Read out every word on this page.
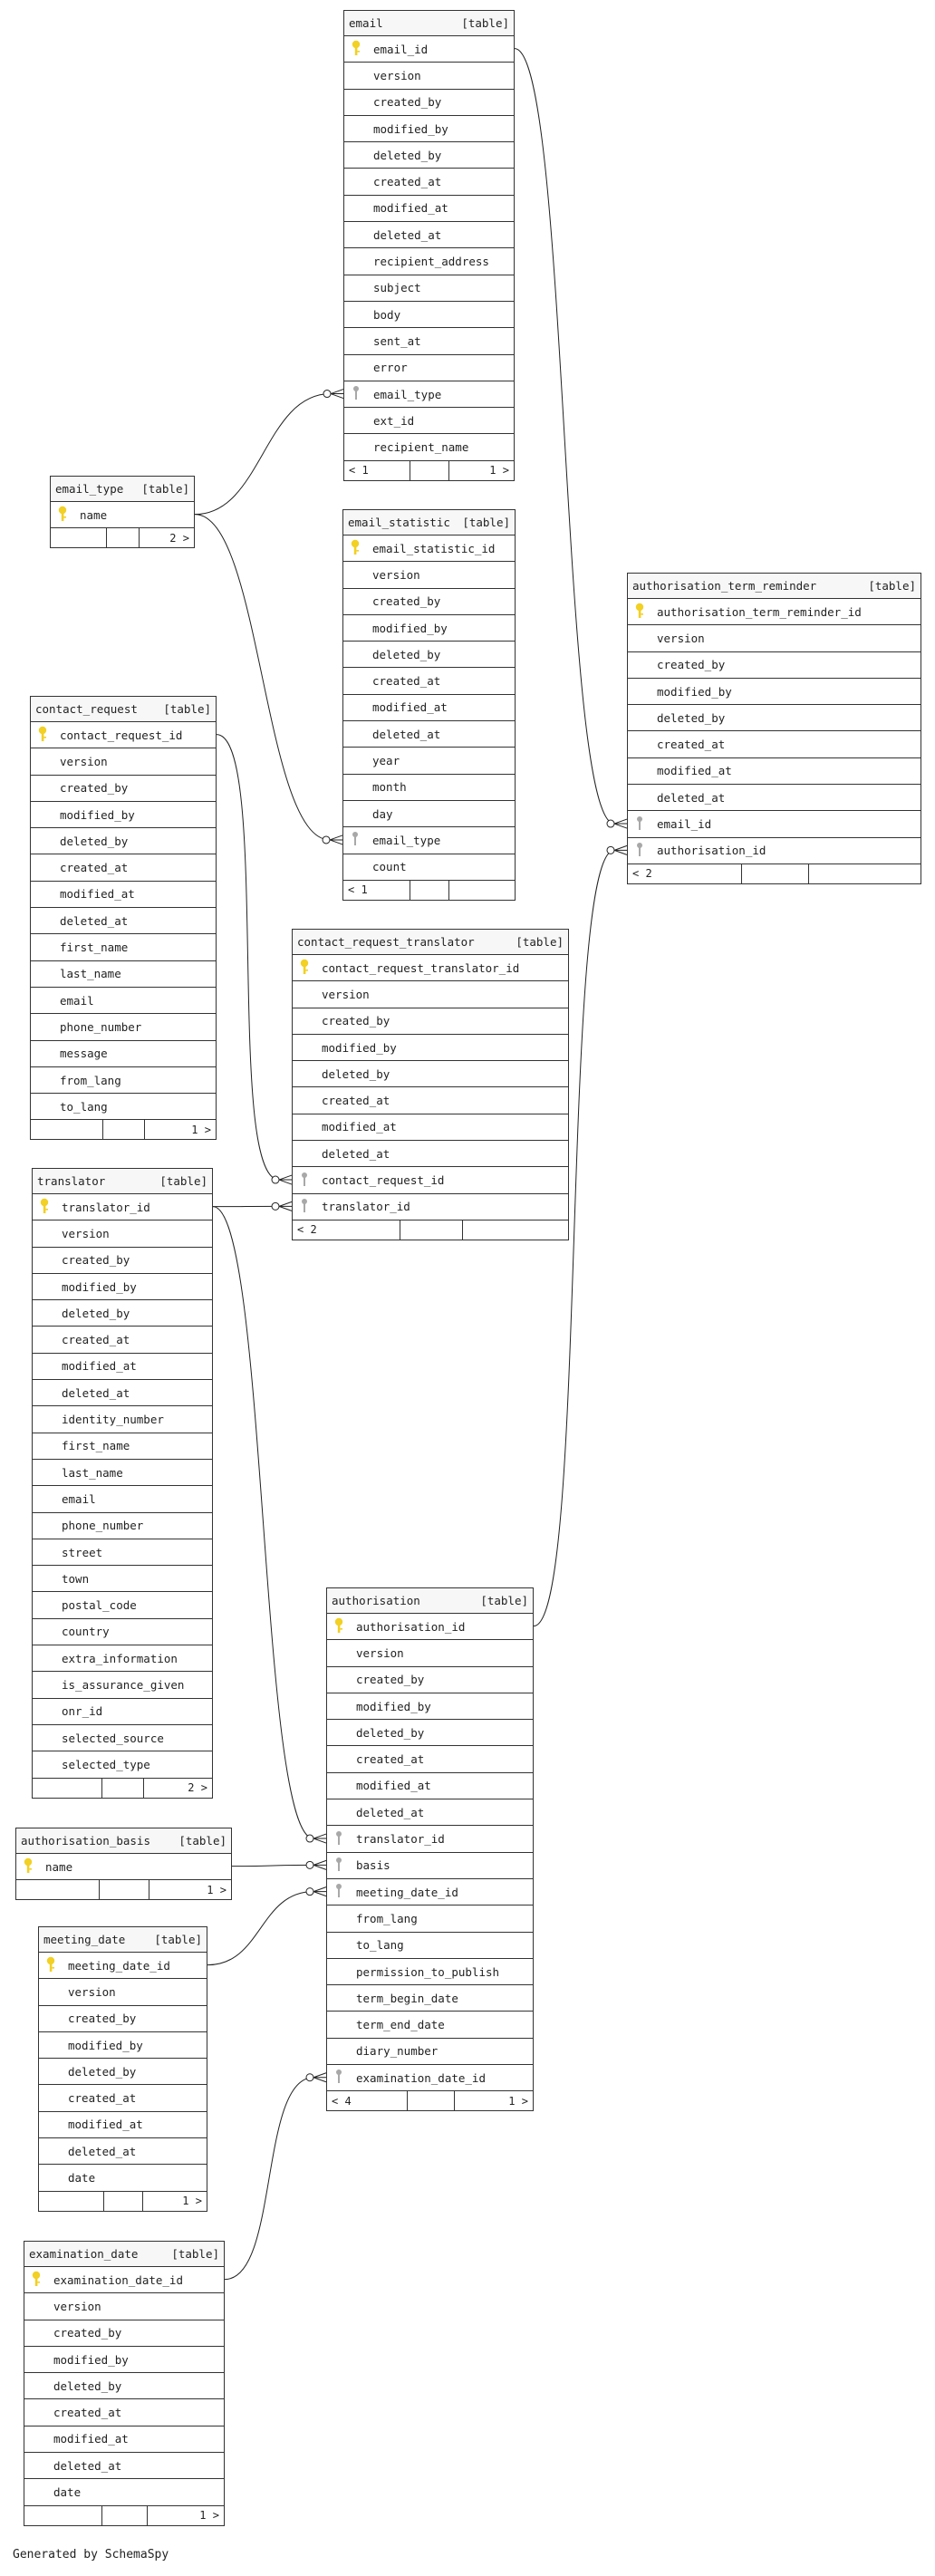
email	[table]
email_id
version
created_by
modified_by
deleted_by
created_at
modified_at
deleted_at
recipient_address
subject
body
sent_at
error
email_type
ext_id
recipient_name
< 1	1 >
email_type [table]
name
2 >
email_statistic [table]
email_statistic_id
version
created_by
modified_by
deleted_by
created_at
modified_at
deleted_at
year
month
day
email_type
count
< 1
authorisation_term_reminder	[table]
authorisation_term_reminder_id
version
created_by
modified_by
deleted_by
created_at
modified_at
deleted_at
email_id
authorisation_id
< 2
contact_request [table]
contact_request_id
version
created_by
modified_by
deleted_by
created_at
modified_at
deleted_at
first_name
last_name
email
phone_number
message
from_lang
to_lang
1 >
contact_request_translator	[table]
contact_request_translator_id
version
created_by
modified_by
deleted_by
created_at
modified_at
deleted_at
contact_request_id
translator_id
< 2
translator	[table]
translator_id
version
created_by
modified_by
deleted_by
created_at
modified_at
deleted_at
identity_number
first_name
last_name
email
phone_number
street
town
postal_code
country
extra_information
is_assurance_given
onr_id
selected_source
selected_type
2 >
authorisation	[table]
authorisation_id
version
created_by
modified_by
deleted_by
created_at
modified_at
deleted_at
translator_id
basis
meeting_date_id
from_lang
to_lang
permission_to_publish
term_begin_date
term_end_date
diary_number
examination_date_id
< 4	1 >
authorisation_basis	[table]
name
1 >
meeting_date	[table]
meeting_date_id
version
created_by
modified_by
deleted_by
created_at
modified_at
deleted_at
date
1 >
examination_date	[table]
examination_date_id
version
created_by
modified_by
deleted_by
created_at
modified_at
deleted_at
date
1 >
Generated by SchemaSpy
